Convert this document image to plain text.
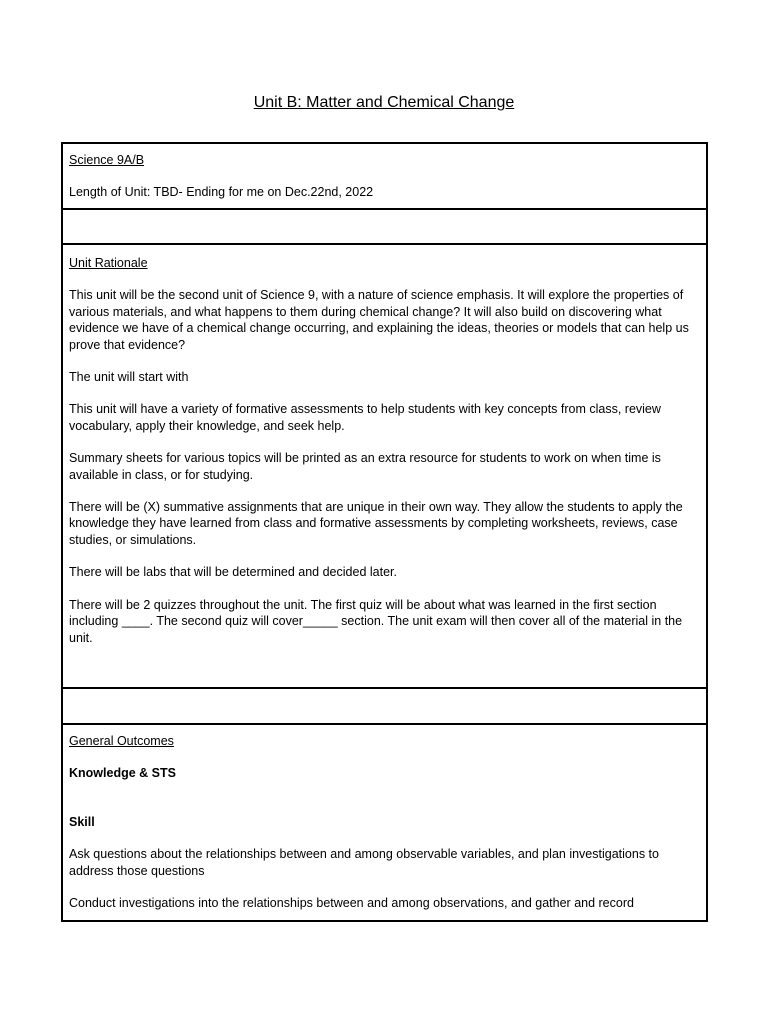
Unit B: Matter and Chemical Change

Science 9A/B

Length of Unit: TBD- Ending for me on Dec.22nd, 2022

Unit Rationale

This unit will be the second unit of Science 9, with a nature of science emphasis. It will explore the properties of various materials, and what happens to them during chemical change? It will also build on discovering what evidence we have of a chemical change occurring, and explaining the ideas, theories or models that can help us prove that evidence?

The unit will start with

This unit will have a variety of formative assessments to help students with key concepts from class, review vocabulary, apply their knowledge, and seek help.

Summary sheets for various topics will be printed as an extra resource for students to work on when time is available in class, or for studying.

There will be (X) summative assignments that are unique in their own way. They allow the students to apply the knowledge they have learned from class and formative assessments by completing worksheets, reviews, case studies, or simulations.

There will be labs that will be determined and decided later.

There will be 2 quizzes throughout the unit. The first quiz will be about what was learned in the first section including ____. The second quiz will cover_____ section. The unit exam will then cover all of the material in the unit.

General Outcomes

Knowledge & STS

Skill

Ask questions about the relationships between and among observable variables, and plan investigations to address those questions

Conduct investigations into the relationships between and among observations, and gather and record
